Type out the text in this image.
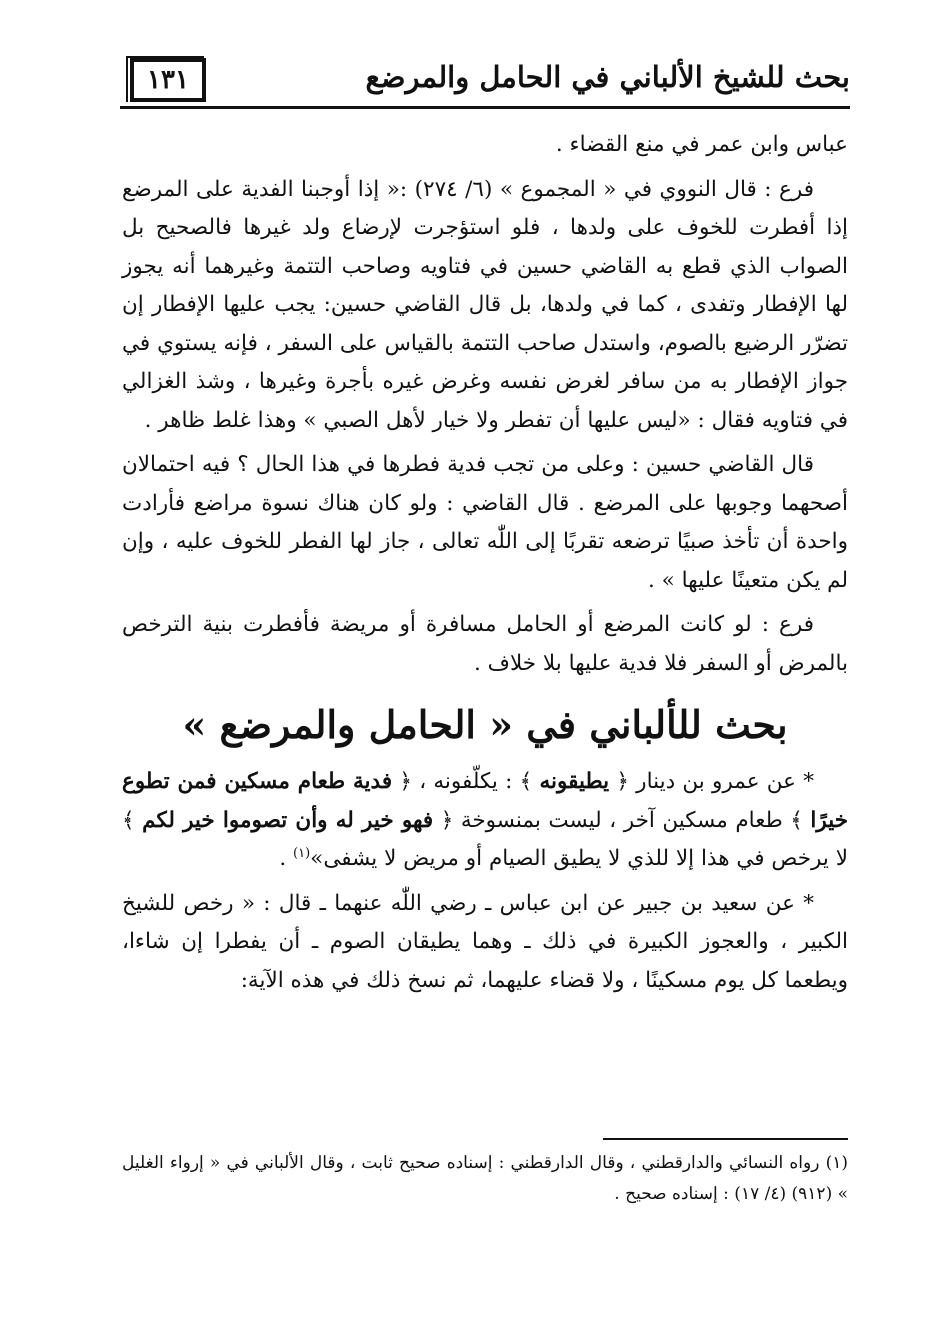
١٣١	بحث للشيخ الألباني في الحامل والمرضع

عباس وابن عمر في منع القضاء .

فرع : قال النووي في « المجموع » (٦/ ٢٧٤) :« إذا أوجبنا الفدية على المرضع إذا أفطرت للخوف على ولدها ، فلو استؤجرت لإرضاع ولد غيرها فالصحيح بل الصواب الذي قطع به القاضي حسين في فتاويه وصاحب التتمة وغيرهما أنه يجوز لها الإفطار وتفدى ، كما في ولدها، بل قال القاضي حسين: يجب عليها الإفطار إن تضرّر الرضيع بالصوم، واستدل صاحب التتمة بالقياس على السفر ، فإنه يستوي في جواز الإفطار به من سافر لغرض نفسه وغرض غيره بأجرة وغيرها ، وشذ الغزالي في فتاويه فقال : «ليس عليها أن تفطر ولا خيار لأهل الصبي » وهذا غلط ظاهر .

قال القاضي حسين : وعلى من تجب فدية فطرها في هذا الحال ؟ فيه احتمالان أصحهما وجوبها على المرضع . قال القاضي : ولو كان هناك نسوة مراضع فأرادت واحدة أن تأخذ صبيًا ترضعه تقربًا إلى اللّٰه تعالى ، جاز لها الفطر للخوف عليه ، وإن لم يكن متعينًا عليها » .

فرع : لو كانت المرضع أو الحامل مسافرة أو مريضة فأفطرت بنية الترخص بالمرض أو السفر فلا فدية عليها بلا خلاف .

بحث للألباني في « الحامل والمرضع »

* عن عمرو بن دينار ﴿ يطيقونه ﴾ : يكلّفونه ، ﴿ فدية طعام مسكين فمن تطوع خيرًا ﴾ طعام مسكين آخر ، ليست بمنسوخة ﴿ فهو خير له وأن تصوموا خير لكم ﴾ لا يرخص في هذا إلا للذي لا يطيق الصيام أو مريض لا يشفى»$^{(١)}$ .

* عن سعيد بن جبير عن ابن عباس ـ رضي اللّٰه عنهما ـ قال : « رخص للشيخ الكبير ، والعجوز الكبيرة في ذلك ـ وهما يطيقان الصوم ـ أن يفطرا إن شاءا، ويطعما كل يوم مسكينًا ، ولا قضاء عليهما، ثم نسخ ذلك في هذه الآية:

(١) رواه النسائي والدارقطني ، وقال الدارقطني : إسناده صحيح ثابت ، وقال الألباني في « إرواء الغليل » (٩١٢) (٤/ ١٧) : إسناده صحيح .
